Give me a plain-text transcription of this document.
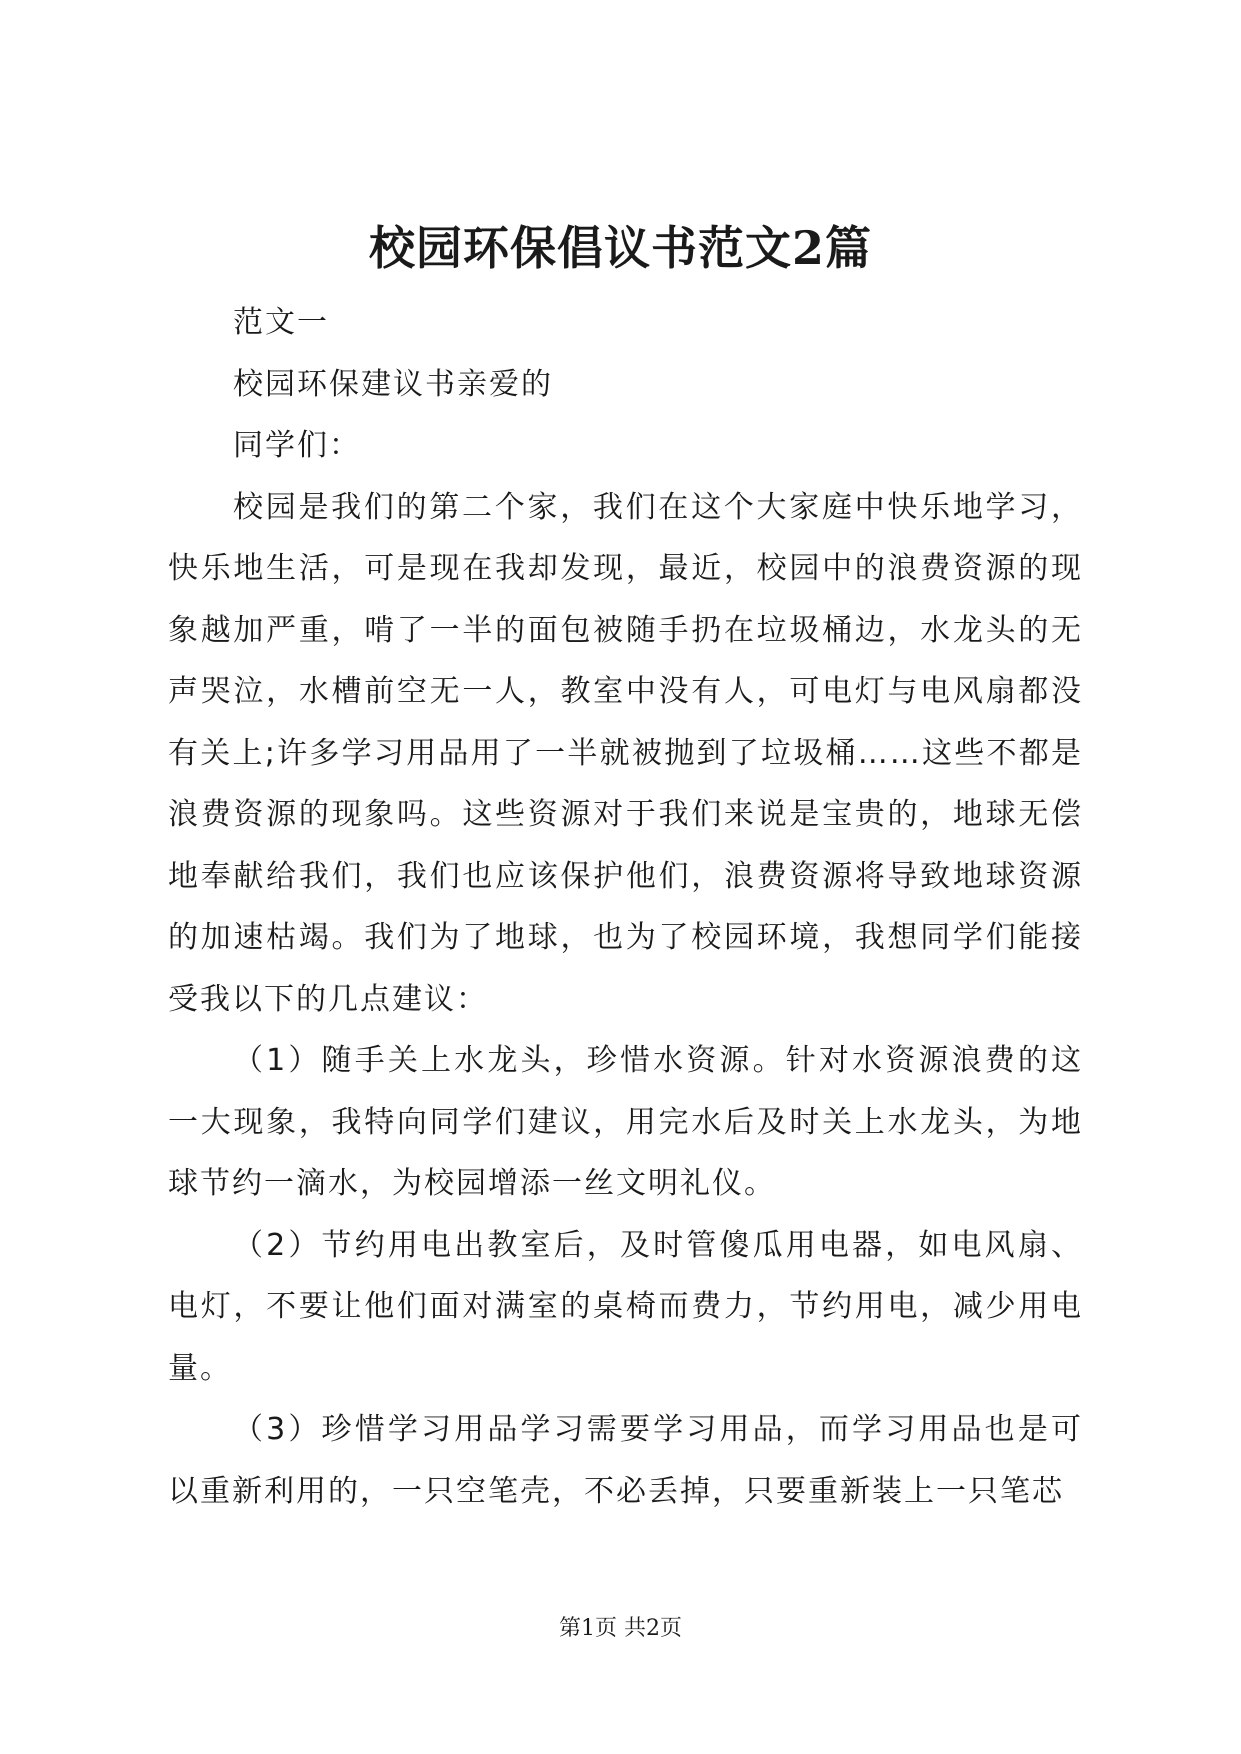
校园环保倡议书范文2篇

范文一

校园环保建议书亲爱的

同学们：

校园是我们的第二个家，我们在这个大家庭中快乐地学习，快乐地生活，可是现在我却发现，最近，校园中的浪费资源的现象越加严重，啃了一半的面包被随手扔在垃圾桶边，水龙头的无声哭泣，水槽前空无一人，教室中没有人，可电灯与电风扇都没有关上;许多学习用品用了一半就被抛到了垃圾桶……这些不都是浪费资源的现象吗。这些资源对于我们来说是宝贵的，地球无偿地奉献给我们，我们也应该保护他们，浪费资源将导致地球资源的加速枯竭。我们为了地球，也为了校园环境，我想同学们能接受我以下的几点建议：

（1）随手关上水龙头，珍惜水资源。针对水资源浪费的这一大现象，我特向同学们建议，用完水后及时关上水龙头，为地球节约一滴水，为校园增添一丝文明礼仪。

（2）节约用电出教室后，及时管傻瓜用电器，如电风扇、电灯，不要让他们面对满室的桌椅而费力，节约用电，减少用电量。

（3）珍惜学习用品学习需要学习用品，而学习用品也是可以重新利用的，一只空笔壳，不必丢掉，只要重新装上一只笔芯

第1页 共2页
